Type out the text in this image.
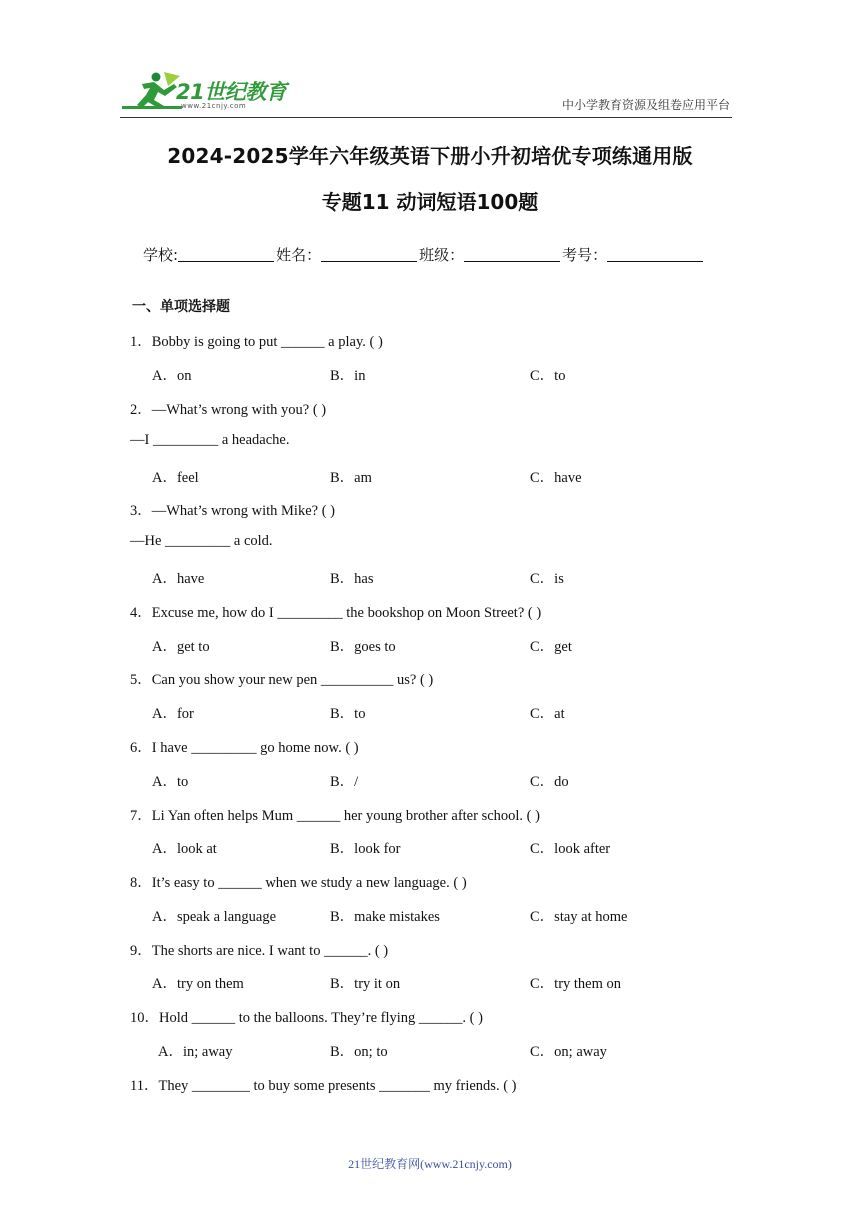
21世纪教育
www.21cnjy.com	中小学教育资源及组卷应用平台
2024-2025学年六年级英语下册小升初培优专项练通用版
专题11 动词短语100题
学校:	姓名：	班级：	考号：
一、单项选择题
1．Bobby is going to put ______ a play. ( )
A．on	B．in	C．to
2．—What’s wrong with you? ( )
—I _________ a headache.
A．feel	B．am	C．have
3．—What’s wrong with Mike? ( )
—He _________ a cold.
A．have	B．has	C．is
4．Excuse me, how do I _________ the bookshop on Moon Street? ( )
A．get to	B．goes to	C．get
5．Can you show your new pen __________ us? ( )
A．for	B．to	C．at
6．I have _________ go home now. ( )
A．to	B．/	C．do
7．Li Yan often helps Mum ______ her young brother after school. ( )
A．look at	B．look for	C．look after
8．It’s easy to ______ when we study a new language. ( )
A．speak a language	B．make mistakes	C．stay at home
9．The shorts are nice. I want to ______. ( )
A．try on them	B．try it on	C．try them on
10．Hold ______ to the balloons. They’re flying ______. ( )
A．in; away	B．on; to	C．on; away
11．They ________ to buy some presents _______ my friends. ( )
21世纪教育网(www.21cnjy.com)
